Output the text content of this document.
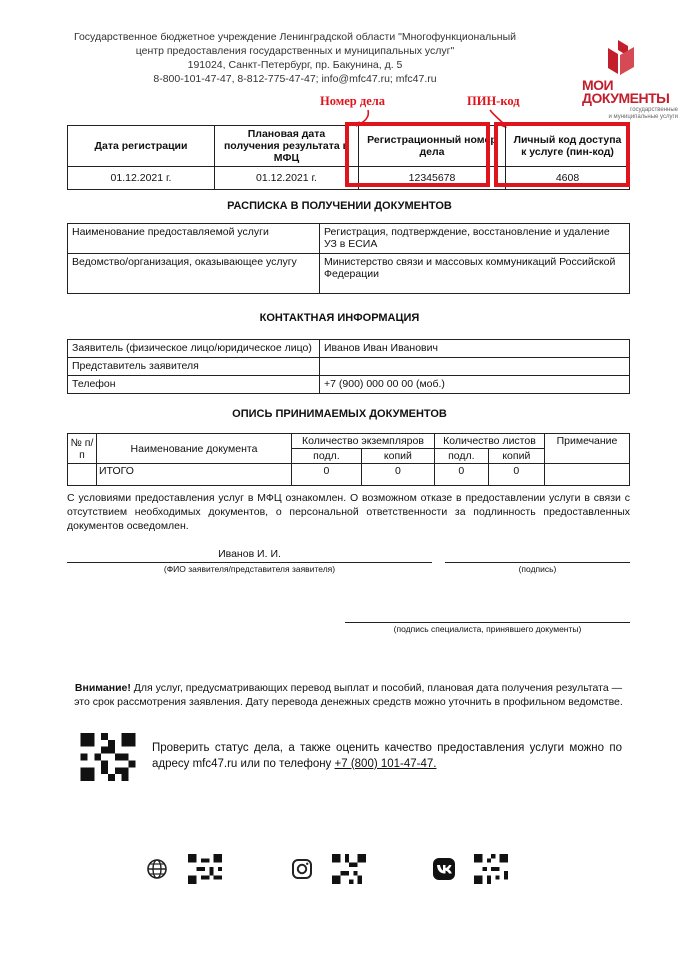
Государственное бюджетное учреждение Ленинградской области "Многофункциональный
центр предоставления государственных и муниципальных услуг"
191024, Санкт-Петербург, пр. Бакунина, д. 5
8-800-101-47-47, 8-812-775-47-47; info@mfc47.ru; mfc47.ru	МОИ
ДОКУМЕНТЫ
государственные
и муниципальные услуги
Номер дела	ПИН-код
Дата регистрации	Плановая дата получения результата в МФЦ	Регистрационный номер дела	Личный код доступа к услуге (пин-код)
01.12.2021 г.	01.12.2021 г.	12345678	4608
РАСПИСКА В ПОЛУЧЕНИИ ДОКУМЕНТОВ
Наименование предоставляемой услуги	Регистрация, подтверждение, восстановление и удаление УЗ в ЕСИА
Ведомство/организация, оказывающее услугу	Министерство связи и массовых коммуникаций Российской Федерации
КОНТАКТНАЯ ИНФОРМАЦИЯ
Заявитель (физическое лицо/юридическое лицо)	Иванов Иван Иванович
Представитель заявителя	
Телефон	+7 (900) 000 00 00 (моб.)
ОПИСЬ ПРИНИМАЕМЫХ ДОКУМЕНТОВ
№ п/п	Наименование документа	Количество экземпляров		Количество листов		Примечание
		подл.	копий	подл.	копий	
	ИТОГО	0	0	0	0	
С условиями предоставления услуг в МФЦ ознакомлен. О возможном отказе в предоставлении услуги в связи с отсутствием необходимых документов, о персональной ответственности за подлинность предоставленных документов осведомлен.
Иванов И. И.
(ФИО заявителя/представителя заявителя)	(подпись)
(подпись специалиста, принявшего документы)
Внимание! Для услуг, предусматривающих перевод выплат и пособий, плановая дата получения результата — это срок рассмотрения заявления. Дату перевода денежных средств можно уточнить в профильном ведомстве.
Проверить статус дела, а также оценить качество предоставления услуги можно по адресу mfc47.ru или по телефону +7 (800) 101-47-47.
